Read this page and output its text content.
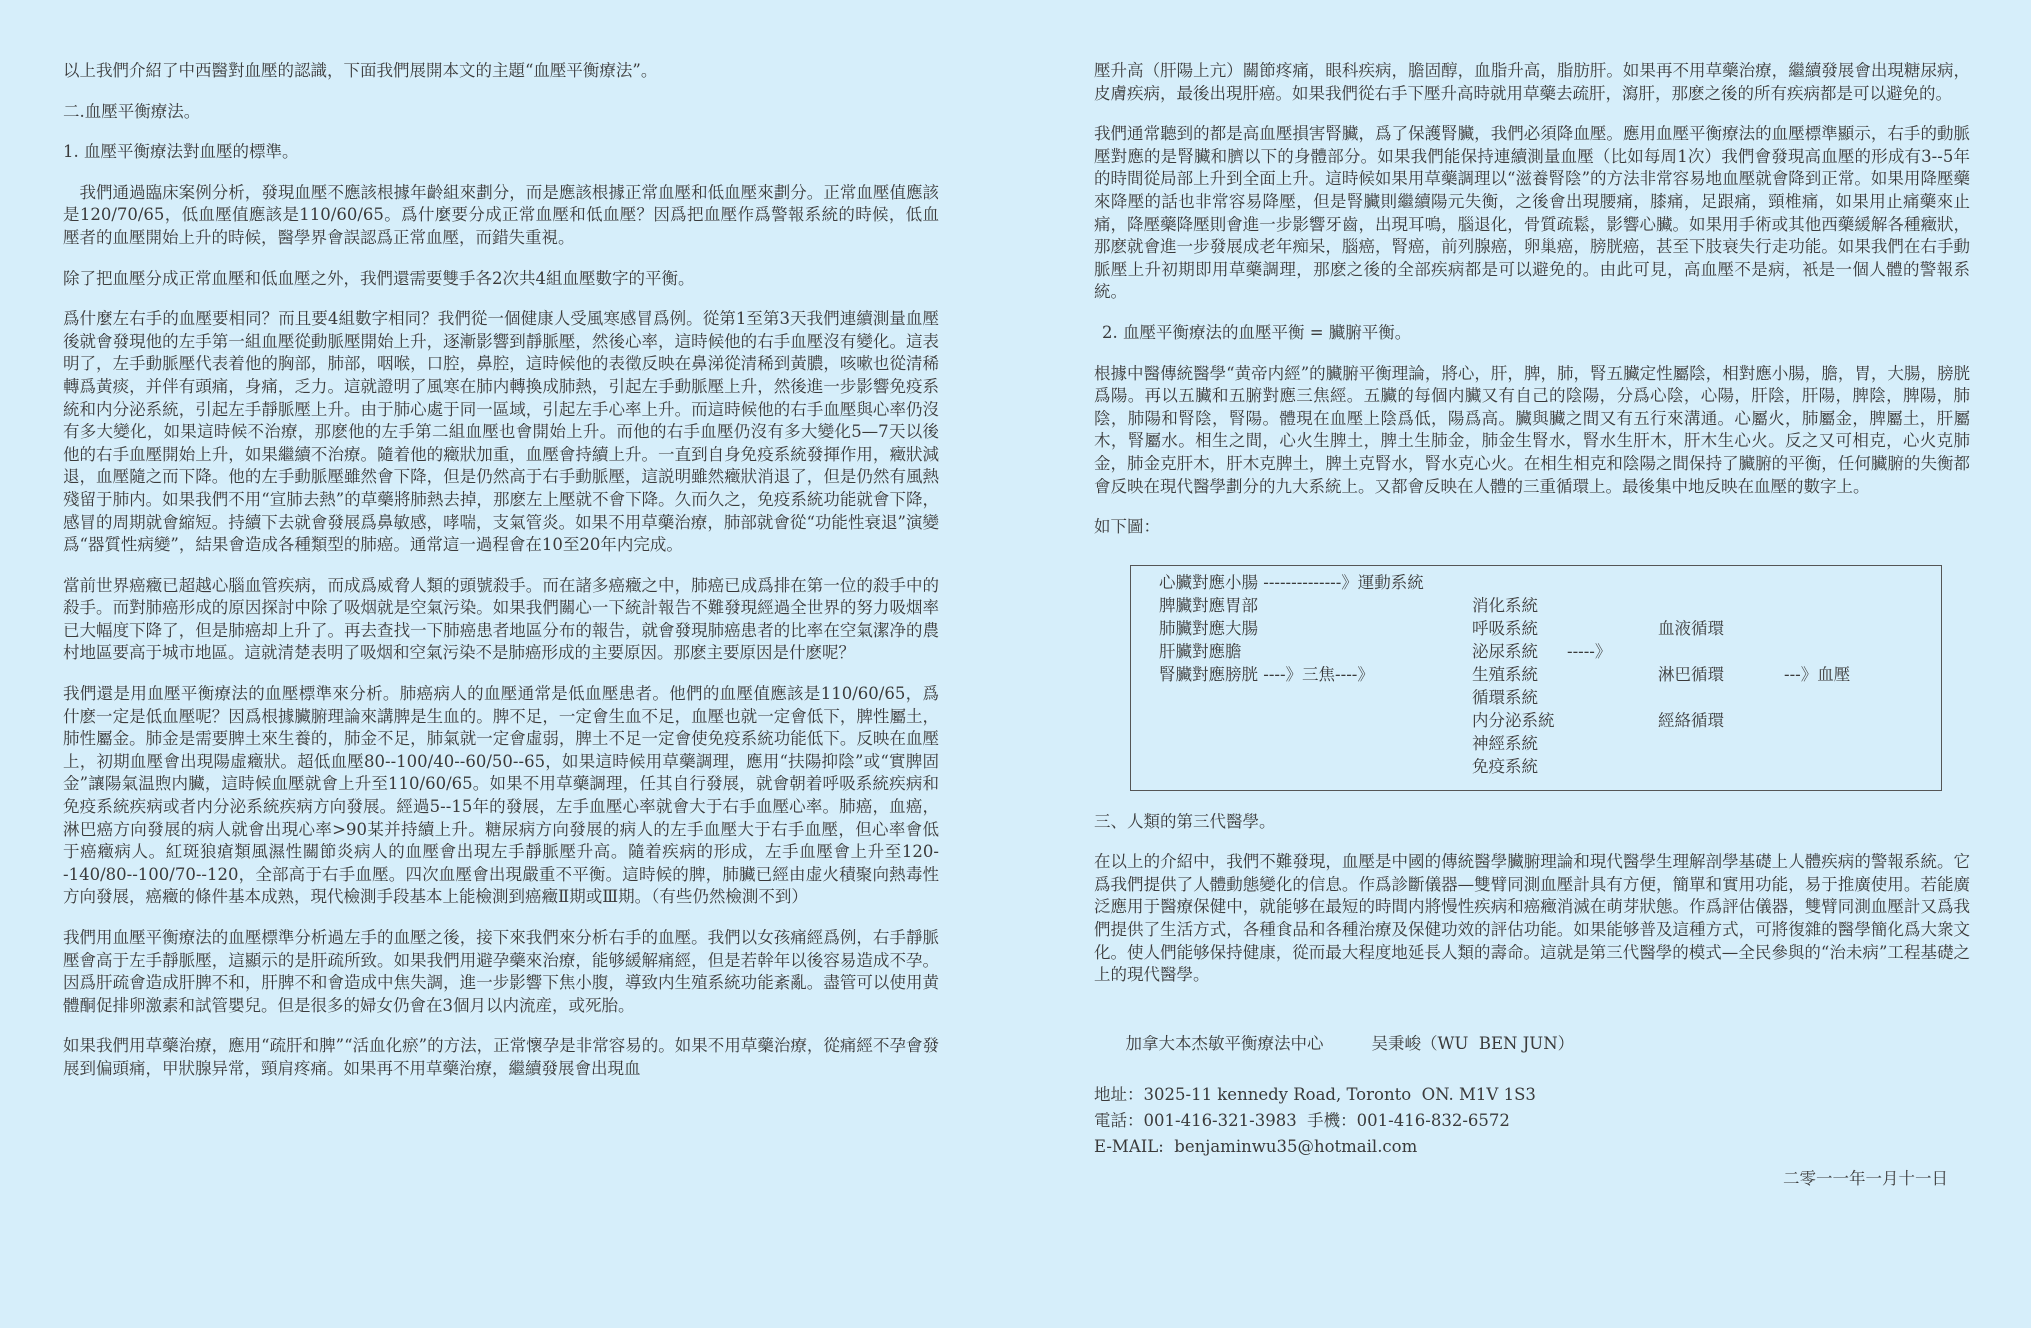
以上我們介紹了中西醫對血壓的認識，下面我們展開本文的主題“血壓平衡療法”。

二.血壓平衡療法。

1. 血壓平衡療法對血壓的標準。

我們通過臨床案例分析，發現血壓不應該根據年齡組來劃分，而是應該根據正常血壓和低血壓來劃分。正常血壓值應該是120/70/65，低血壓值應該是110/60/65。爲什麼要分成正常血壓和低血壓？因爲把血壓作爲警報系統的時候，低血壓者的血壓開始上升的時候，醫學界會誤認爲正常血壓，而錯失重視。

除了把血壓分成正常血壓和低血壓之外，我們還需要雙手各2次共4組血壓數字的平衡。

爲什麼左右手的血壓要相同？而且要4組數字相同？我們從一個健康人受風寒感冒爲例。從第1至第3天我們連續測量血壓後就會發現他的左手第一組血壓從動脈壓開始上升，逐漸影響到靜脈壓，然後心率，這時候他的右手血壓沒有變化。這表明了，左手動脈壓代表着他的胸部，肺部，咽喉，口腔，鼻腔，這時候他的表徵反映在鼻涕從清稀到黃膿，咳嗽也從清稀轉爲黃痰，并伴有頭痛，身痛，乏力。這就證明了風寒在肺内轉換成肺熱，引起左手動脈壓上升，然後進一步影響免疫系統和内分泌系統，引起左手靜脈壓上升。由于肺心處于同一區域，引起左手心率上升。而這時候他的右手血壓與心率仍沒有多大變化，如果這時候不治療，那麽他的左手第二組血壓也會開始上升。而他的右手血壓仍沒有多大變化5—7天以後他的右手血壓開始上升，如果繼續不治療。隨着他的癥狀加重，血壓會持續上升。一直到自身免疫系統發揮作用，癥狀減退，血壓隨之而下降。他的左手動脈壓雖然會下降，但是仍然高于右手動脈壓，這説明雖然癥狀消退了，但是仍然有風熱殘留于肺内。如果我們不用“宣肺去熱”的草藥將肺熱去掉，那麽左上壓就不會下降。久而久之，免疫系統功能就會下降，感冒的周期就會縮短。持續下去就會發展爲鼻敏感，哮喘，支氣管炎。如果不用草藥治療，肺部就會從“功能性衰退”演變爲“器質性病變”，結果會造成各種類型的肺癌。通常這一過程會在10至20年内完成。

當前世界癌癥已超越心腦血管疾病，而成爲威脅人類的頭號殺手。而在諸多癌癥之中，肺癌已成爲排在第一位的殺手中的殺手。而對肺癌形成的原因探討中除了吸烟就是空氣污染。如果我們關心一下統計報告不難發現經過全世界的努力吸烟率已大幅度下降了，但是肺癌却上升了。再去查找一下肺癌患者地區分布的報告，就會發現肺癌患者的比率在空氣潔净的農村地區要高于城市地區。這就清楚表明了吸烟和空氣污染不是肺癌形成的主要原因。那麽主要原因是什麽呢？

我們還是用血壓平衡療法的血壓標準來分析。肺癌病人的血壓通常是低血壓患者。他們的血壓值應該是110/60/65，爲什麽一定是低血壓呢？因爲根據臟腑理論來講脾是生血的。脾不足，一定會生血不足，血壓也就一定會低下，脾性屬土，肺性屬金。肺金是需要脾土來生養的，肺金不足，肺氣就一定會虛弱，脾土不足一定會使免疫系統功能低下。反映在血壓上，初期血壓會出現陽虛癥狀。超低血壓80--100/40--60/50--65，如果這時候用草藥調理，應用“扶陽抑陰”或“實脾固金”讓陽氣温煦内臟，這時候血壓就會上升至110/60/65。如果不用草藥調理，任其自行發展，就會朝着呼吸系統疾病和免疫系統疾病或者内分泌系統疾病方向發展。經過5--15年的發展，左手血壓心率就會大于右手血壓心率。肺癌，血癌，淋巴癌方向發展的病人就會出現心率>90某并持續上升。糖尿病方向發展的病人的左手血壓大于右手血壓，但心率會低于癌癥病人。紅斑狼瘡類風濕性關節炎病人的血壓會出現左手靜脈壓升高。隨着疾病的形成，左手血壓會上升至120--140/80--100/70--120，全部高于右手血壓。四次血壓會出現嚴重不平衡。這時候的脾，肺臟已經由虚火積聚向熱毒性方向發展，癌癥的條件基本成熟，現代檢測手段基本上能檢測到癌癥Ⅱ期或Ⅲ期。（有些仍然檢測不到）

我們用血壓平衡療法的血壓標準分析過左手的血壓之後，接下來我們來分析右手的血壓。我們以女孩痛經爲例，右手靜脈壓會高于左手靜脈壓，這顯示的是肝疏所致。如果我們用避孕藥來治療，能够緩解痛經，但是若幹年以後容易造成不孕。因爲肝疏會造成肝脾不和，肝脾不和會造成中焦失調，進一步影響下焦小腹，導致内生殖系統功能紊亂。盡管可以使用黄體酮促排卵激素和試管嬰兒。但是很多的婦女仍會在3個月以内流産，或死胎。

如果我們用草藥治療，應用“疏肝和脾”“活血化瘀”的方法，正常懷孕是非常容易的。如果不用草藥治療，從痛經不孕會發展到偏頭痛，甲狀腺异常，頸肩疼痛。如果再不用草藥治療，繼續發展會出現血

壓升高（肝陽上亢）關節疼痛，眼科疾病，膽固醇，血脂升高，脂肪肝。如果再不用草藥治療，繼續發展會出現糖尿病，皮膚疾病，最後出現肝癌。如果我們從右手下壓升高時就用草藥去疏肝，瀉肝，那麽之後的所有疾病都是可以避免的。

我們通常聽到的都是高血壓損害腎臟，爲了保護腎臟，我們必須降血壓。應用血壓平衡療法的血壓標準顯示，右手的動脈壓對應的是腎臟和臍以下的身體部分。如果我們能保持連續測量血壓（比如每周1次）我們會發現高血壓的形成有3--5年的時間從局部上升到全面上升。這時候如果用草藥調理以“滋養腎陰”的方法非常容易地血壓就會降到正常。如果用降壓藥來降壓的話也非常容易降壓，但是腎臟則繼續陽元失衡，之後會出現腰痛，膝痛，足跟痛，頸椎痛，如果用止痛藥來止痛，降壓藥降壓則會進一步影響牙齒，出現耳鳴，腦退化，骨質疏鬆，影響心臟。如果用手術或其他西藥緩解各種癥狀，那麽就會進一步發展成老年痴呆，腦癌，腎癌，前列腺癌，卵巢癌，膀胱癌，甚至下肢衰失行走功能。如果我們在右手動脈壓上升初期即用草藥調理，那麽之後的全部疾病都是可以避免的。由此可見，高血壓不是病，衹是一個人體的警報系統。

2. 血壓平衡療法的血壓平衡 = 臟腑平衡。

根據中醫傳統醫學“黄帝内經”的臟腑平衡理論，將心，肝，脾，肺，腎五臟定性屬陰，相對應小腸，膽，胃，大腸，膀胱爲陽。再以五臟和五腑對應三焦經。五臟的每個内臟又有自己的陰陽，分爲心陰，心陽，肝陰，肝陽，脾陰，脾陽，肺陰，肺陽和腎陰，腎陽。體現在血壓上陰爲低，陽爲高。臟與臟之間又有五行來溝通。心屬火，肺屬金，脾屬土，肝屬木，腎屬水。相生之間，心火生脾土，脾土生肺金，肺金生腎水，腎水生肝木，肝木生心火。反之又可相克，心火克肺金，肺金克肝木，肝木克脾土，脾土克腎水，腎水克心火。在相生相克和陰陽之間保持了臟腑的平衡，任何臟腑的失衡都會反映在現代醫學劃分的九大系統上。又都會反映在人體的三重循環上。最後集中地反映在血壓的數字上。

如下圖：

心臟對應小腸 --------------》運動系統
脾臟對應胃部
肺臟對應大腸
肝臟對應膽
腎臟對應膀胱 ----》三焦----》
消化系統
呼吸系統
泌尿系統
生殖系統
循環系統
内分泌系統
神經系統
免疫系統
-----》
血液循環
淋巴循環
經絡循環
---》血壓

三、人類的第三代醫學。

在以上的介紹中，我們不難發現，血壓是中國的傳統醫學臟腑理論和現代醫學生理解剖學基礎上人體疾病的警報系統。它爲我們提供了人體動態變化的信息。作爲診斷儀器—雙臂同測血壓計具有方便，簡單和實用功能，易于推廣使用。若能廣泛應用于醫療保健中，就能够在最短的時間内將慢性疾病和癌癥消滅在萌芽狀態。作爲評估儀器，雙臂同測血壓計又爲我們提供了生活方式，各種食品和各種治療及保健功效的評估功能。如果能够普及這種方式，可將復雜的醫學簡化爲大衆文化。使人們能够保持健康，從而最大程度地延長人類的壽命。這就是第三代醫學的模式—全民參與的“治未病”工程基礎之上的現代醫學。

加拿大本杰敏平衡療法中心	吴秉峻（WU  BEN JUN）

地址：3025-11 kennedy Road, Toronto  ON. M1V 1S3
電話：001-416-321-3983  手機：001-416-832-6572
E-MAIL:  benjaminwu35@hotmail.com
二零一一年一月十一日
